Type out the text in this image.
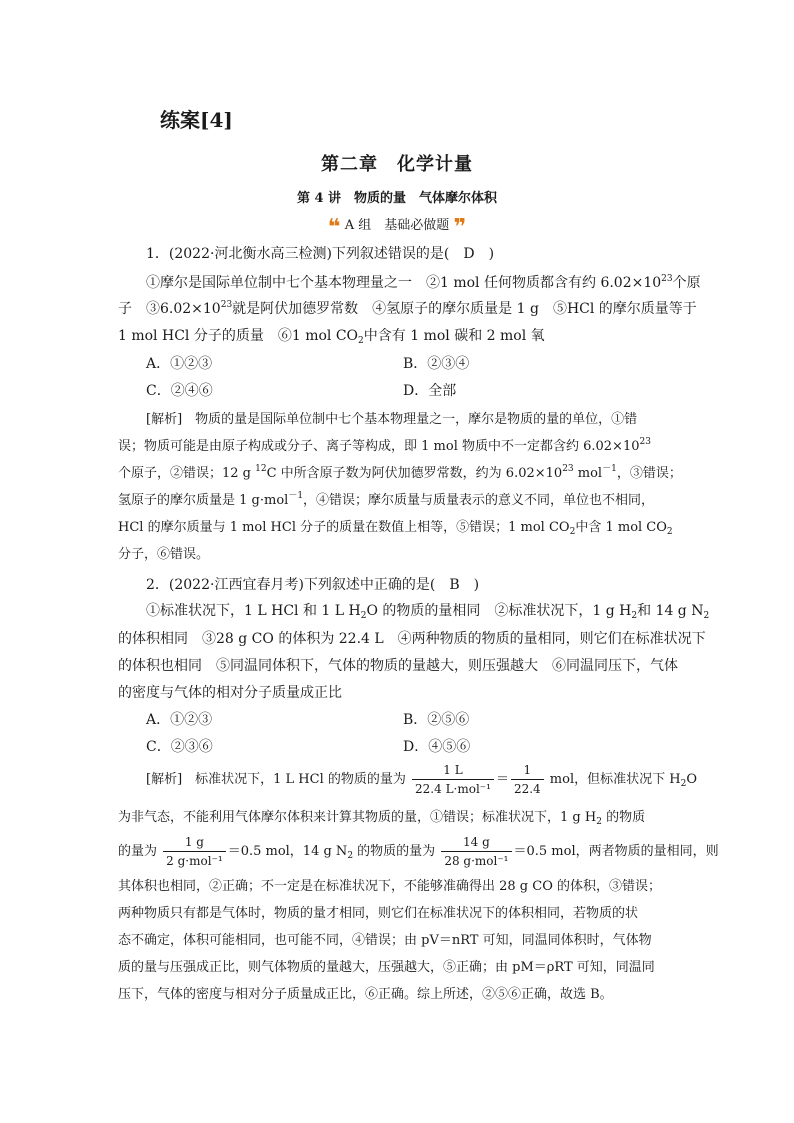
练案[4]
第二章　化学计量
第 4 讲　物质的量　气体摩尔体积
❝ A 组　基础必做题 ❞
1．(2022·河北衡水高三检测)下列叙述错误的是(　D　)
①摩尔是国际单位制中七个基本物理量之一　②1 mol 任何物质都含有约 $6.02\times 10^{23}$个原
子　$③6.02\times 10^{23}$就是阿伏加德罗常数　④氢原子的摩尔质量是 1 g　⑤HCl 的摩尔质量等于
1 mol HCl 分子的质量　⑥1 mol $CO_2$中含有 1 mol 碳和 2 mol 氧
A．①②③	B．②③④
C．②④⑥	D．全部
[解析]　物质的量是国际单位制中七个基本物理量之一，摩尔是物质的量的单位，①错
误；物质可能是由原子构成或分子、离子等构成，即 1 mol 物质中不一定都含约 $6.02\times 10^{23}$
个原子，②错误；12 g $^{12}$C 中所含原子数为阿伏加德罗常数，约为 $6.02\times 10^{23}$ mol$^{-1}$，③错误；
氢原子的摩尔质量是 1 g·mol$^{-1}$，④错误；摩尔质量与质量表示的意义不同，单位也不相同，
HCl 的摩尔质量与 1 mol HCl 分子的质量在数值上相等，⑤错误；1 mol $CO_2$中含 1 mol $CO_2$
分子，⑥错误。
2．(2022·江西宜春月考)下列叙述中正确的是(　B　)
①标准状况下，1 L HCl 和 1 L $H_2O$ 的物质的量相同　②标准状况下，1 g $H_2$和 14 g $N_2$
的体积相同　③28 g CO 的体积为 22.4 L　④两种物质的物质的量相同，则它们在标准状况下
的体积也相同　⑤同温同体积下，气体的物质的量越大，则压强越大　⑥同温同压下，气体
的密度与气体的相对分子质量成正比
A．①②③	B．②⑤⑥
C．②③⑥	D．④⑤⑥
[解析]　标准状况下，1 L HCl 的物质的量为 $\frac{1 L}{\text{22.4 L·mol⁻¹}} = \frac{1}{22.4}$ mol，但标准状况下 $H_2O$
为非气态，不能利用气体摩尔体积来计算其物质的量，①错误；标准状况下，1 g $H_2$ 的物质
的量为 $\frac{1 g}{\text{2 g·mol⁻¹}} =0.5$ mol，14 g $N_2$ 的物质的量为 $\frac{14 g}{\text{28 g·mol⁻¹}} =0.5$ mol，两者物质的量相同，则
其体积也相同，②正确；不一定是在标准状况下，不能够准确得出 28 g CO 的体积，③错误；
两种物质只有都是气体时，物质的量才相同，则它们在标准状况下的体积相同，若物质的状
态不确定，体积可能相同，也可能不同，④错误；由 pV＝nRT 可知，同温同体积时，气体物
质的量与压强成正比，则气体物质的量越大，压强越大，⑤正确；由 pM＝ρRT 可知，同温同
压下，气体的密度与相对分子质量成正比，⑥正确。综上所述，②⑤⑥正确，故选 B。
